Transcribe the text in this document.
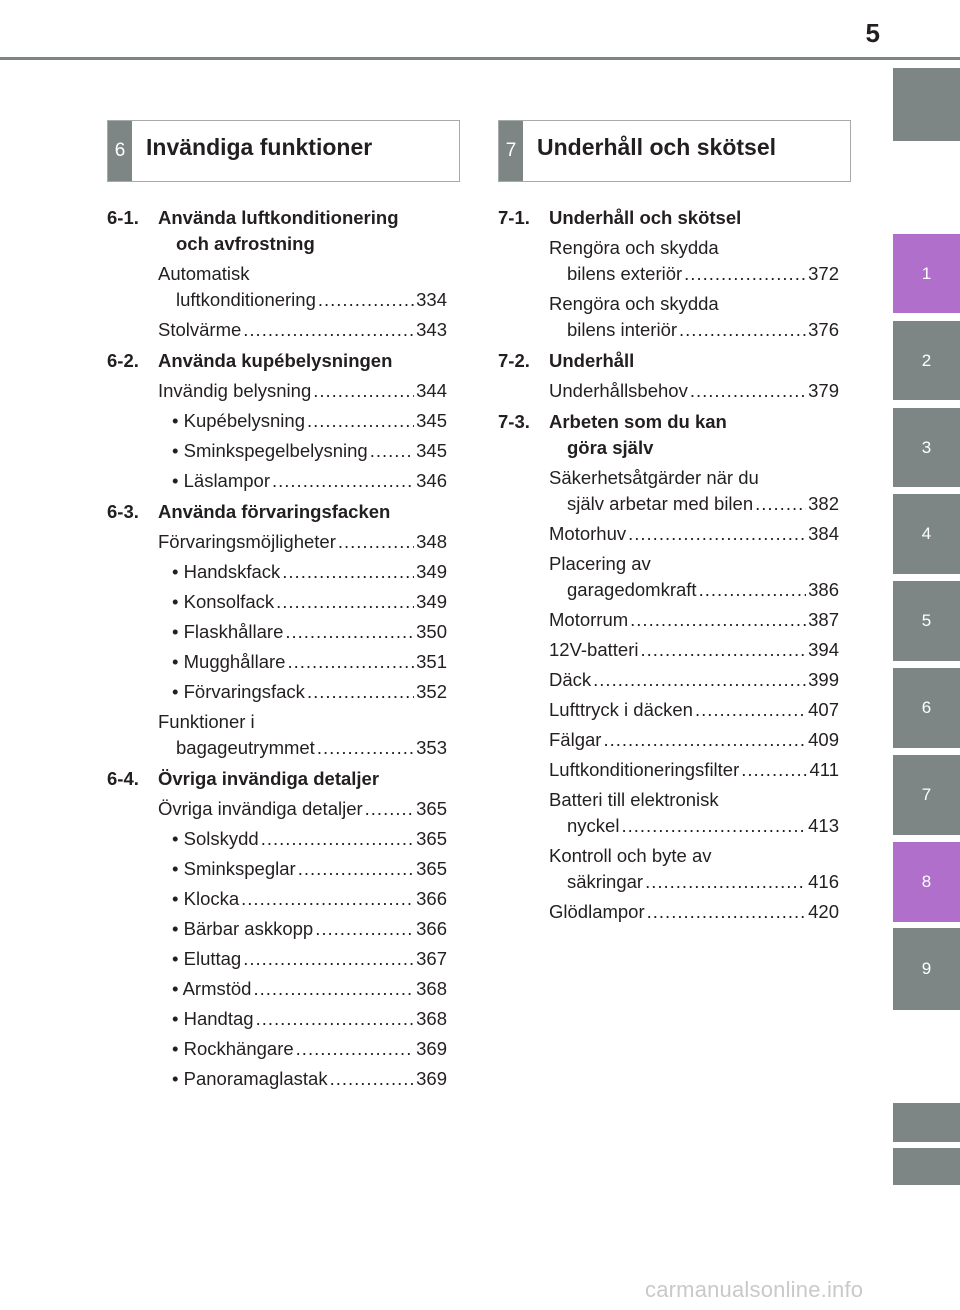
5
1
2
3
4
5
6
7
8
9
6 Invändiga funktioner	7 Underhåll och skötsel
6-1. Använda luftkonditionering
och avfrostning
Automatisk
luftkonditionering .....	334
Stolvärme .....	343
6-2. Använda kupébelysningen
Invändig belysning .....	344
• Kupébelysning .....	345
• Sminkspegelbelysning .....	345
• Läslampor .....	346
6-3. Använda förvaringsfacken
Förvaringsmöjligheter .....	348
• Handskfack .....	349
• Konsolfack .....	349
• Flaskhållare .....	350
• Mugghållare .....	351
• Förvaringsfack .....	352
Funktioner i
bagageutrymmet .....	353
6-4. Övriga invändiga detaljer
Övriga invändiga detaljer .....	365
• Solskydd .....	365
• Sminkspeglar .....	365
• Klocka .....	366
• Bärbar askkopp .....	366
• Eluttag .....	367
• Armstöd .....	368
• Handtag .....	368
• Rockhängare .....	369
• Panoramaglastak .....	369
7-1. Underhåll och skötsel
Rengöra och skydda
bilens exteriör .....	372
Rengöra och skydda
bilens interiör .....	376
7-2. Underhåll
Underhållsbehov .....	379
7-3. Arbeten som du kan
göra själv
Säkerhetsåtgärder när du
själv arbetar med bilen .....	382
Motorhuv .....	384
Placering av
garagedomkraft .....	386
Motorrum .....	387
12V-batteri .....	394
Däck .....	399
Lufttryck i däcken .....	407
Fälgar .....	409
Luftkonditioneringsfilter .....	411
Batteri till elektronisk
nyckel .....	413
Kontroll och byte av
säkringar .....	416
Glödlampor .....	420
carmanualsonline.info
